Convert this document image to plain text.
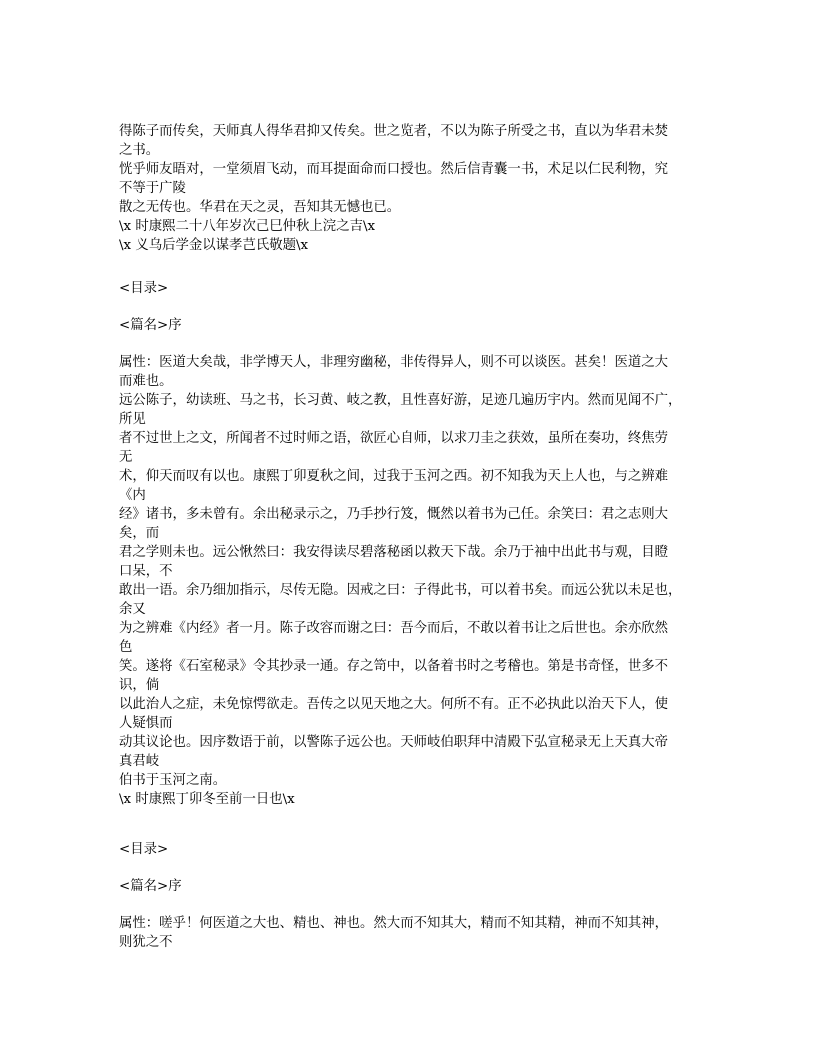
得陈子而传矣，天师真人得华君抑又传矣。世之览者，不以为陈子所受之书，直以为华君未焚
之书。
恍乎师友晤对，一堂须眉飞动，而耳提面命而口授也。然后信青囊一书，术足以仁民利物，究
不等于广陵
散之无传也。华君在天之灵，吾知其无憾也已。
\x 时康熙二十八年岁次己巳仲秋上浣之吉\x
\x 义乌后学金以谋孝芑氏敬题\x
<目录>
<篇名>序
属性：医道大矣哉，非学博天人，非理穷幽秘，非传得异人，则不可以谈医。甚矣！医道之大
而难也。
远公陈子，幼读班、马之书，长习黄、岐之教，且性喜好游，足迹几遍历宇内。然而见闻不广，
所见
者不过世上之文，所闻者不过时师之语，欲匠心自师，以求刀圭之获效，虽所在奏功，终焦劳
无
术，仰天而叹有以也。康熙丁卯夏秋之间，过我于玉河之西。初不知我为天上人也，与之辨难
《内
经》诸书，多未曾有。余出秘录示之，乃手抄行笈，慨然以着书为己任。余笑曰：君之志则大
矣，而
君之学则未也。远公愀然曰：我安得读尽碧落秘函以救天下哉。余乃于袖中出此书与观，目瞪
口呆，不
敢出一语。余乃细加指示，尽传无隐。因戒之曰：子得此书，可以着书矣。而远公犹以未足也，
余又
为之辨难《内经》者一月。陈子改容而谢之曰：吾今而后，不敢以着书让之后世也。余亦欣然
色
笑。遂将《石室秘录》令其抄录一通。存之笥中，以备着书时之考稽也。第是书奇怪，世多不
识，倘
以此治人之症，未免惊愕欲走。吾传之以见天地之大。何所不有。正不必执此以治天下人，使
人疑惧而
动其议论也。因序数语于前，以警陈子远公也。天师岐伯职拜中清殿下弘宣秘录无上天真大帝
真君岐
伯书于玉河之南。
\x 时康熙丁卯冬至前一日也\x
<目录>
<篇名>序
属性：嗟乎！何医道之大也、精也、神也。然大而不知其大，精而不知其精，神而不知其神，
则犹之不
